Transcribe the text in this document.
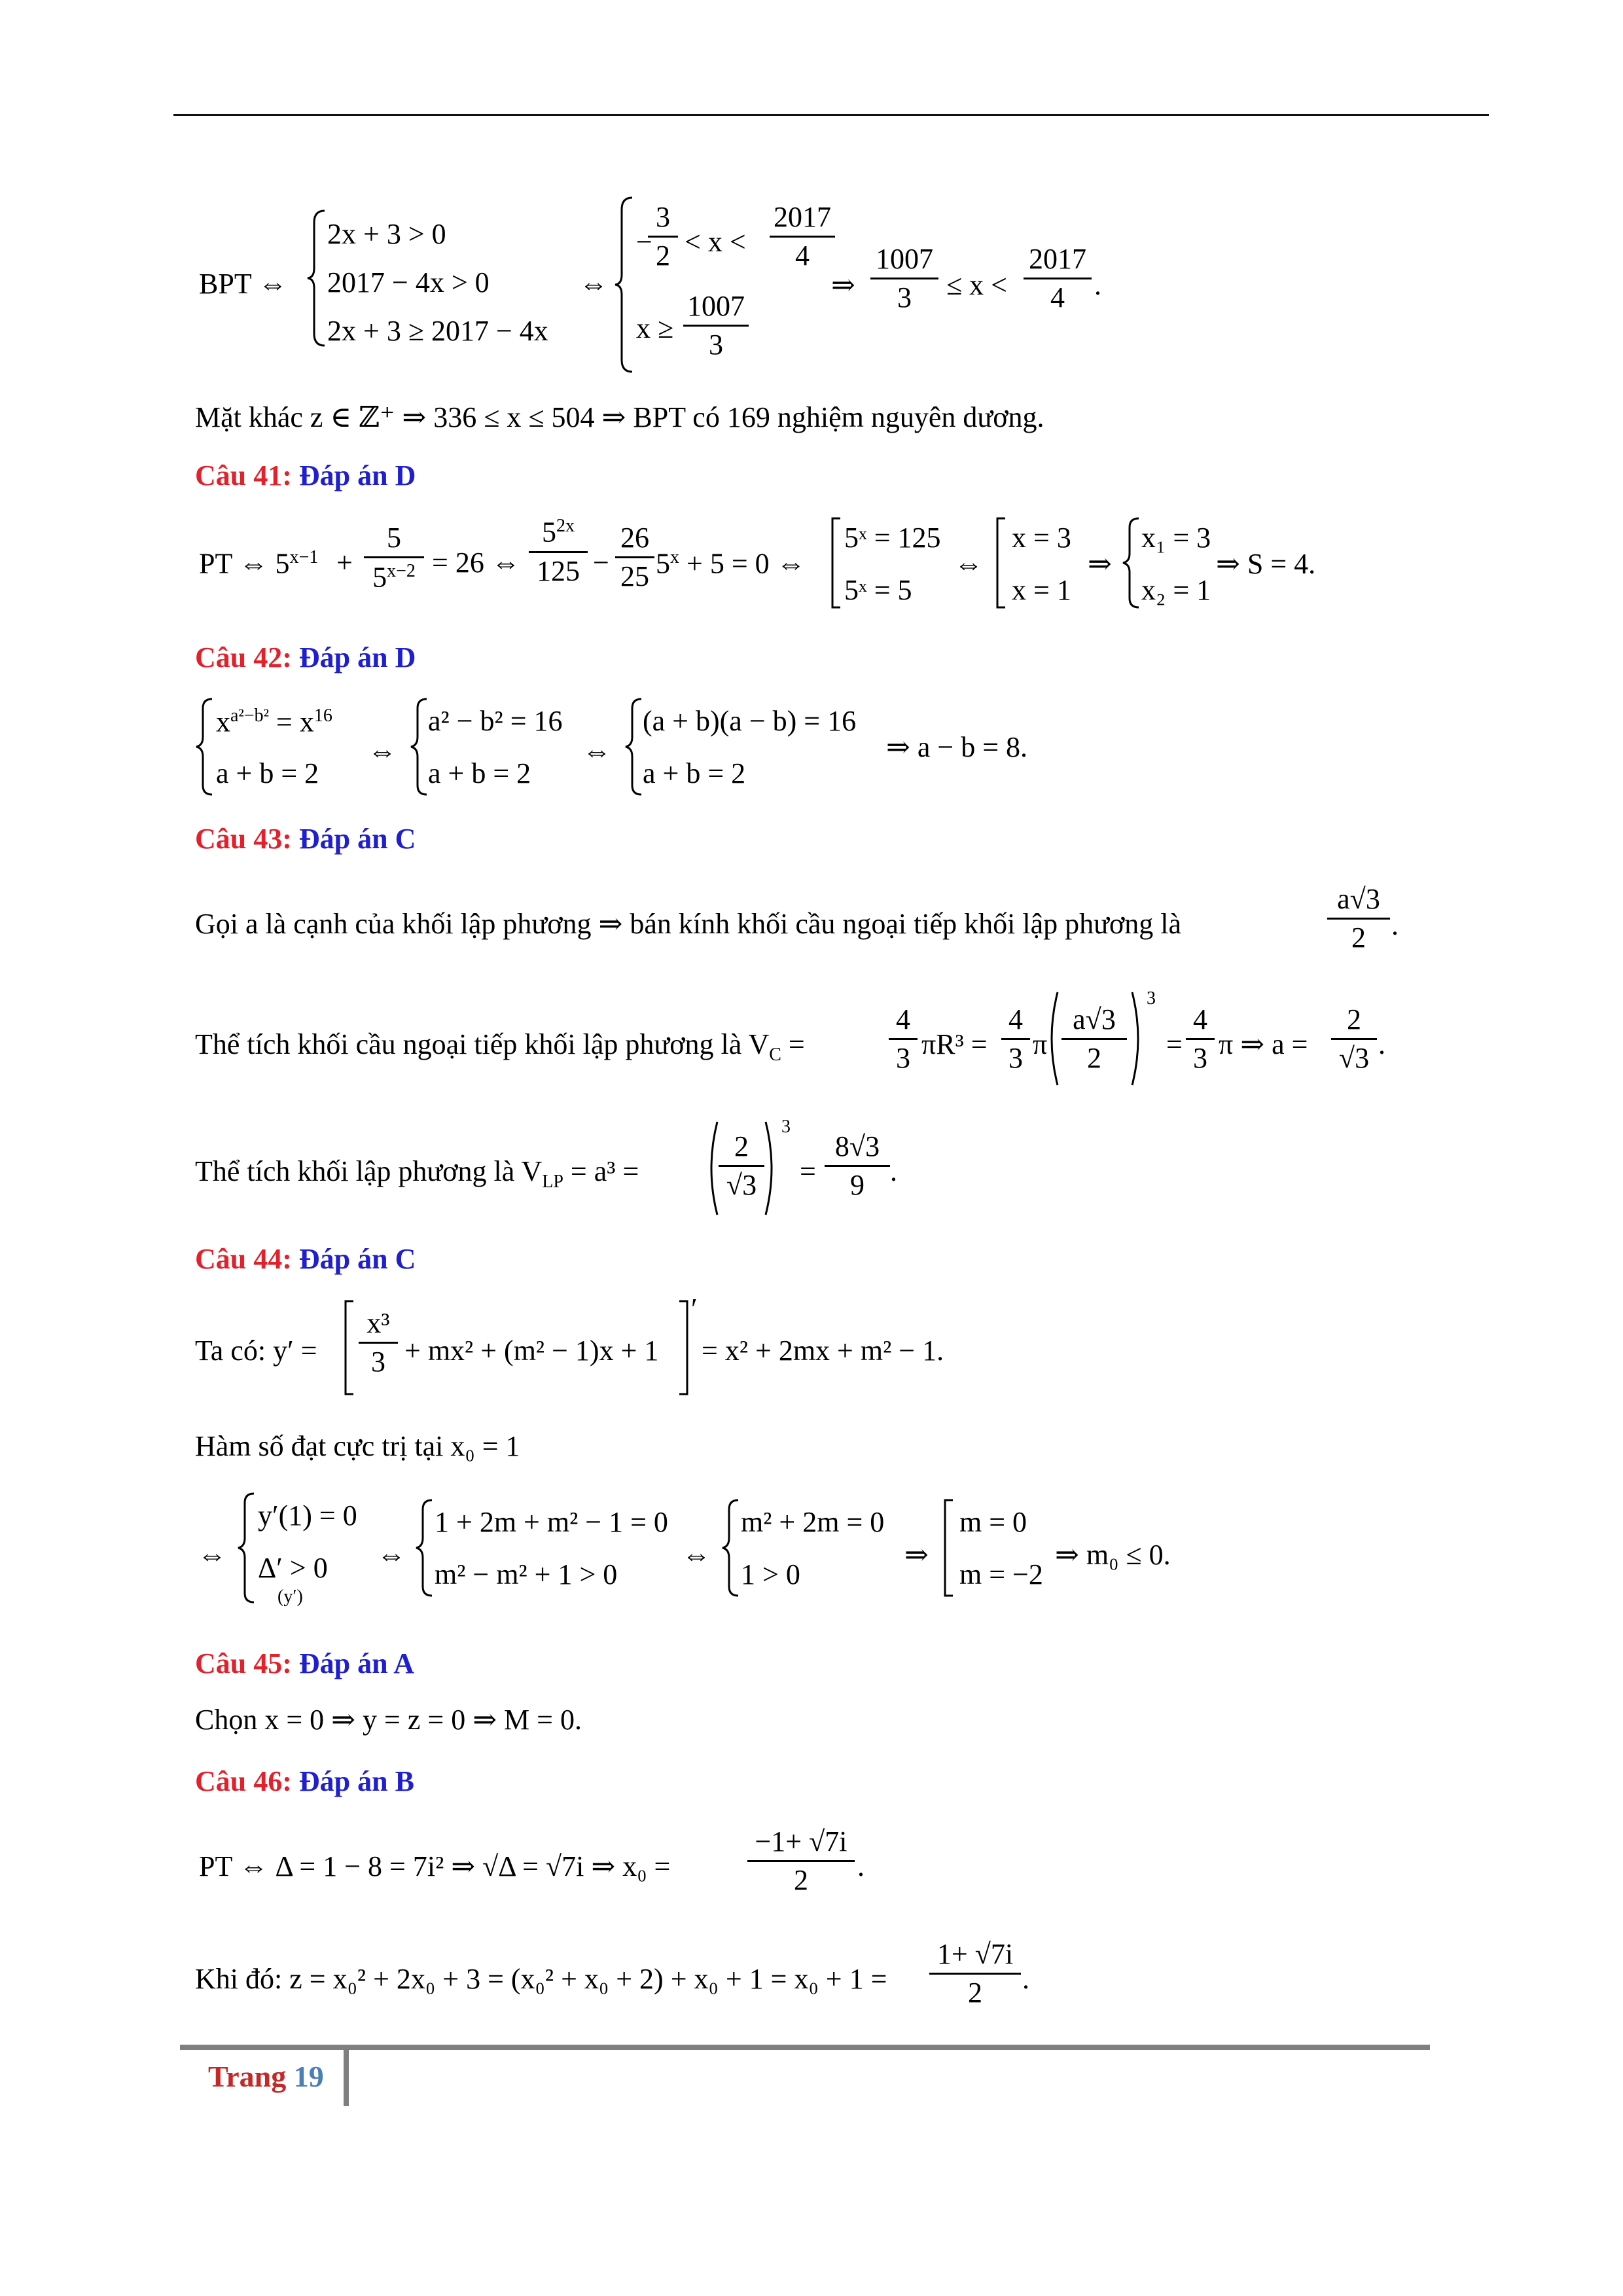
BPT ⇔
2x + 3 > 0
2017 − 4x > 0
2x + 3 ≥ 2017 − 4x
⇔
−
$\frac{3}{2} < x < \frac{2017}{4}$
$x \ge \frac{1007}{3}$
⇒ $\frac{1007}{3} \le x < \frac{2017}{4}$ .
Mặt khác z ∈ ℤ⁺ ⇒ 336 ≤ x ≤ 504 ⇒ BPT có 169 nghiệm nguyên dương.
Câu 41: Đáp án D
PT ⇔ $5^{x-1} + \frac{5}{5^{x-2}} = 26$ ⇔ $\frac{5^{2x}}{125} - \frac{26}{25} 5^x + 5 = 0$ ⇔
5ˣ = 125
5ˣ = 5
⇔
x = 3
x = 1
⇒
x₁ = 3
x₂ = 1
⇒ S = 4.
Câu 42: Đáp án D
$x^{a^2-b^2} = x^{16}$
a + b = 2
⇔
a² − b² = 16
a + b = 2
⇔
(a + b)(a − b) = 16
a + b = 2
⇒ a − b = 8.
Câu 43: Đáp án C
Gọi a là cạnh của khối lập phương ⇒ bán kính khối cầu ngoại tiếp khối lập phương là	$\frac{a√3}{2}$ .
Thể tích khối cầu ngoại tiếp khối lập phương là $V_C$ =	$\frac{4}{3} \pi R^3 = \frac{4}{3}$ π $\frac{a√3}{2}$
3
= $\frac{4}{3}$ π ⇒ $a = \frac{2}{√3}$ .
Thể tích khối lập phương là $V_{LP} = a^3$ =	$\frac{2}{√3}$
3
= $\frac{8√3}{9}$ .
Câu 44: Đáp án C
Ta có: $y' = \frac{\text{x³}}{3} + mx^2 + (m^2 - 1)x + 1$
′
= x² + 2mx + m² − 1.
Hàm số đạt cực trị tại x₀ = 1
⇔
y′(1) = 0
Δ′ > 0
(y′)
⇔
1 + 2m + m² − 1 = 0
m² − m² + 1 > 0
⇔
m² + 2m = 0
1 > 0
⇒
m = 0
m = −2
⇒ m₀ ≤ 0.
Câu 45: Đáp án A
Chọn x = 0 ⇒ y = z = 0 ⇒ M = 0.
Câu 46: Đáp án B
PT ⇔ Δ = 1 − 8 = 7i² ⇒ √Δ = √7i ⇒ x₀ =	$\frac{-1+ √7i}{2}$ .
Khi đó: $z = x_0^2 + 2x_0 + 3 = (x_0^2 + x_0 + 2) + x_0 + 1 = x_0 + 1 = \frac{1+ √7i}{2}$ .
Trang 19
